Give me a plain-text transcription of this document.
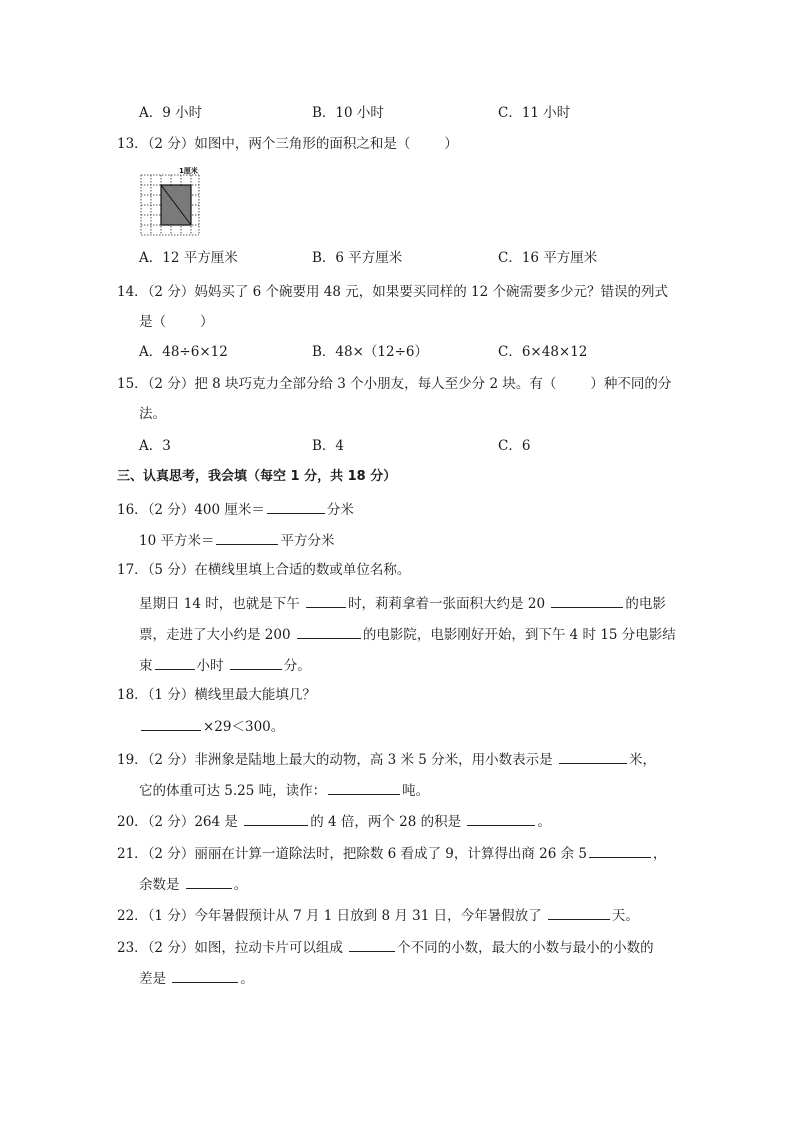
A．9 小时	B．10 小时	C．11 小时
13．（2 分）如图中，两个三角形的面积之和是（	）
1厘米
A．12 平方厘米	B．6 平方厘米	C．16 平方厘米
14．（2 分）妈妈买了 6 个碗要用 48 元，如果要买同样的 12 个碗需要多少元？错误的列式
是（	）
A．48÷6×12	B．48×（12÷6）	C．6×48×12
15．（2 分）把 8 块巧克力全部分给 3 个小朋友，每人至少分 2 块。有（	）种不同的分
法。
A．3	B．4	C．6
三、认真思考，我会填（每空 1 分，共 18 分）
16．（2 分）400 厘米＝	分米
10 平方米＝	平方分米
17．（5 分）在横线里填上合适的数或单位名称。
星期日 14 时，也就是下午	时，莉莉拿着一张面积大约是 20	的电影
票，走进了大小约是 200	的电影院，电影刚好开始，到下午 4 时 15 分电影结
束	小时	分。
18．（1 分）横线里最大能填几？
×29＜300。
19．（2 分）非洲象是陆地上最大的动物，高 3 米 5 分米，用小数表示是	米，
它的体重可达 5.25 吨，读作：	吨。
20．（2 分）264 是	的 4 倍，两个 28 的积是	。
21．（2 分）丽丽在计算一道除法时，把除数 6 看成了 9，计算得出商 26 余 5	，
余数是	。
22．（1 分）今年暑假预计从 7 月 1 日放到 8 月 31 日，今年暑假放了	天。
23．（2 分）如图，拉动卡片可以组成	个不同的小数，最大的小数与最小的小数的
差是	。
